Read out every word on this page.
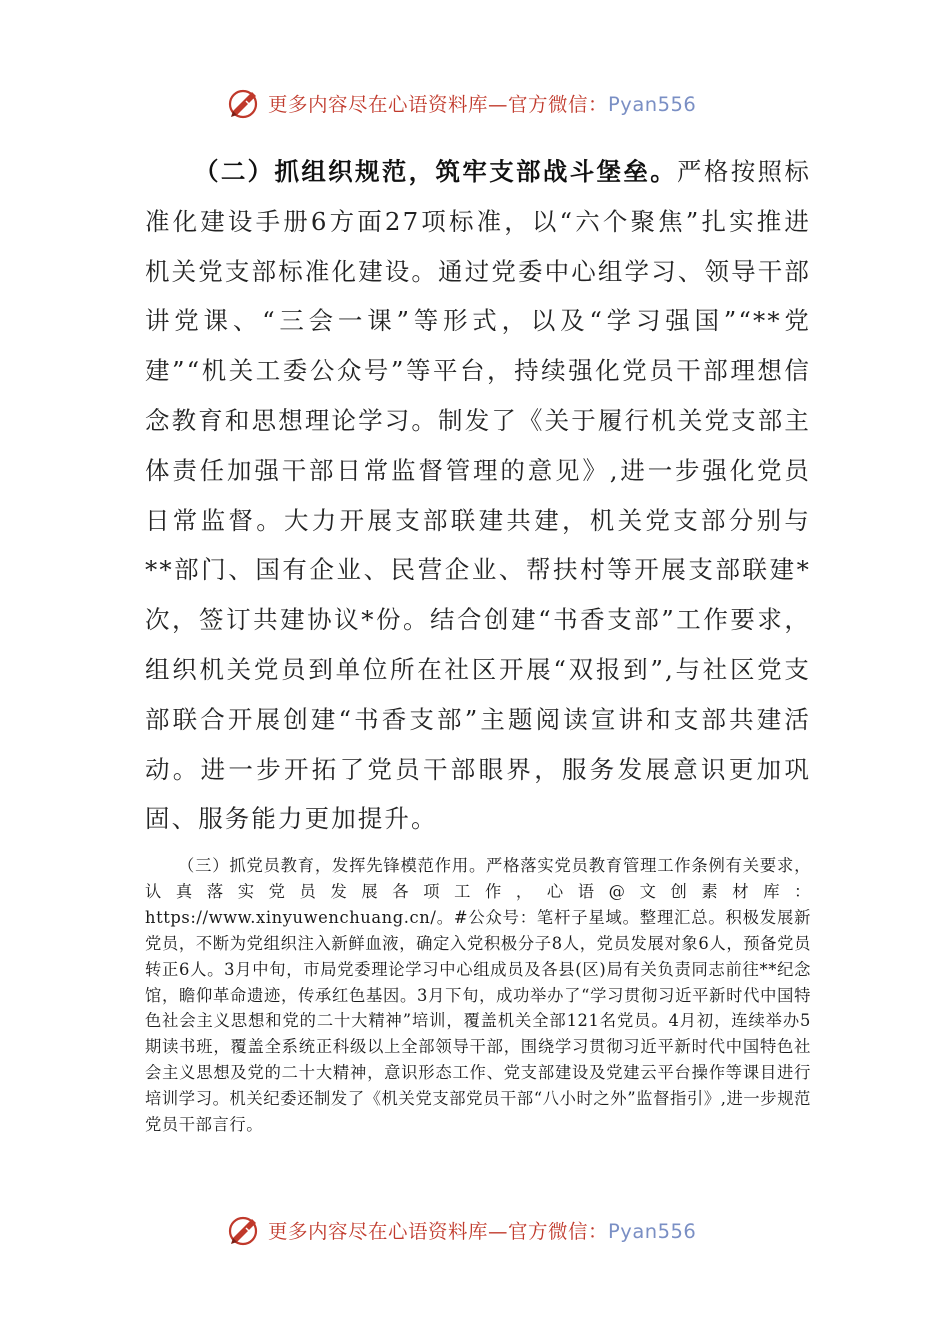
更多内容尽在心语资料库—官方微信：Pyan556

（二）抓组织规范，筑牢支部战斗堡垒。严格按照标准化建设手册6方面27项标准，以“六个聚焦”扎实推进机关党支部标准化建设。通过党委中心组学习、领导干部讲党课、“三会一课”等形式，以及“学习强国”“**党建”“机关工委公众号”等平台，持续强化党员干部理想信念教育和思想理论学习。制发了《关于履行机关党支部主体责任加强干部日常监督管理的意见》,进一步强化党员日常监督。大力开展支部联建共建，机关党支部分别与**部门、国有企业、民营企业、帮扶村等开展支部联建*次，签订共建协议*份。结合创建“书香支部”工作要求，组织机关党员到单位所在社区开展“双报到”,与社区党支部联合开展创建“书香支部”主题阅读宣讲和支部共建活动。进一步开拓了党员干部眼界，服务发展意识更加巩固、服务能力更加提升。

（三）抓党员教育，发挥先锋模范作用。严格落实党员教育管理工作条例有关要求，认真落实党员发展各项工作，心语@文创素材库：https://www.xinyuwenchuang.cn/。#公众号：笔杆子星域。整理汇总。积极发展新党员，不断为党组织注入新鲜血液，确定入党积极分子8人，党员发展对象6人，预备党员转正6人。3月中旬，市局党委理论学习中心组成员及各县(区)局有关负责同志前往**纪念馆，瞻仰革命遗迹，传承红色基因。3月下旬，成功举办了“学习贯彻习近平新时代中国特色社会主义思想和党的二十大精神”培训，覆盖机关全部121名党员。4月初，连续举办5期读书班，覆盖全系统正科级以上全部领导干部，围绕学习贯彻习近平新时代中国特色社会主义思想及党的二十大精神，意识形态工作、党支部建设及党建云平台操作等课目进行培训学习。机关纪委还制发了《机关党支部党员干部“八小时之外”监督指引》,进一步规范党员干部言行。

更多内容尽在心语资料库—官方微信：Pyan556
